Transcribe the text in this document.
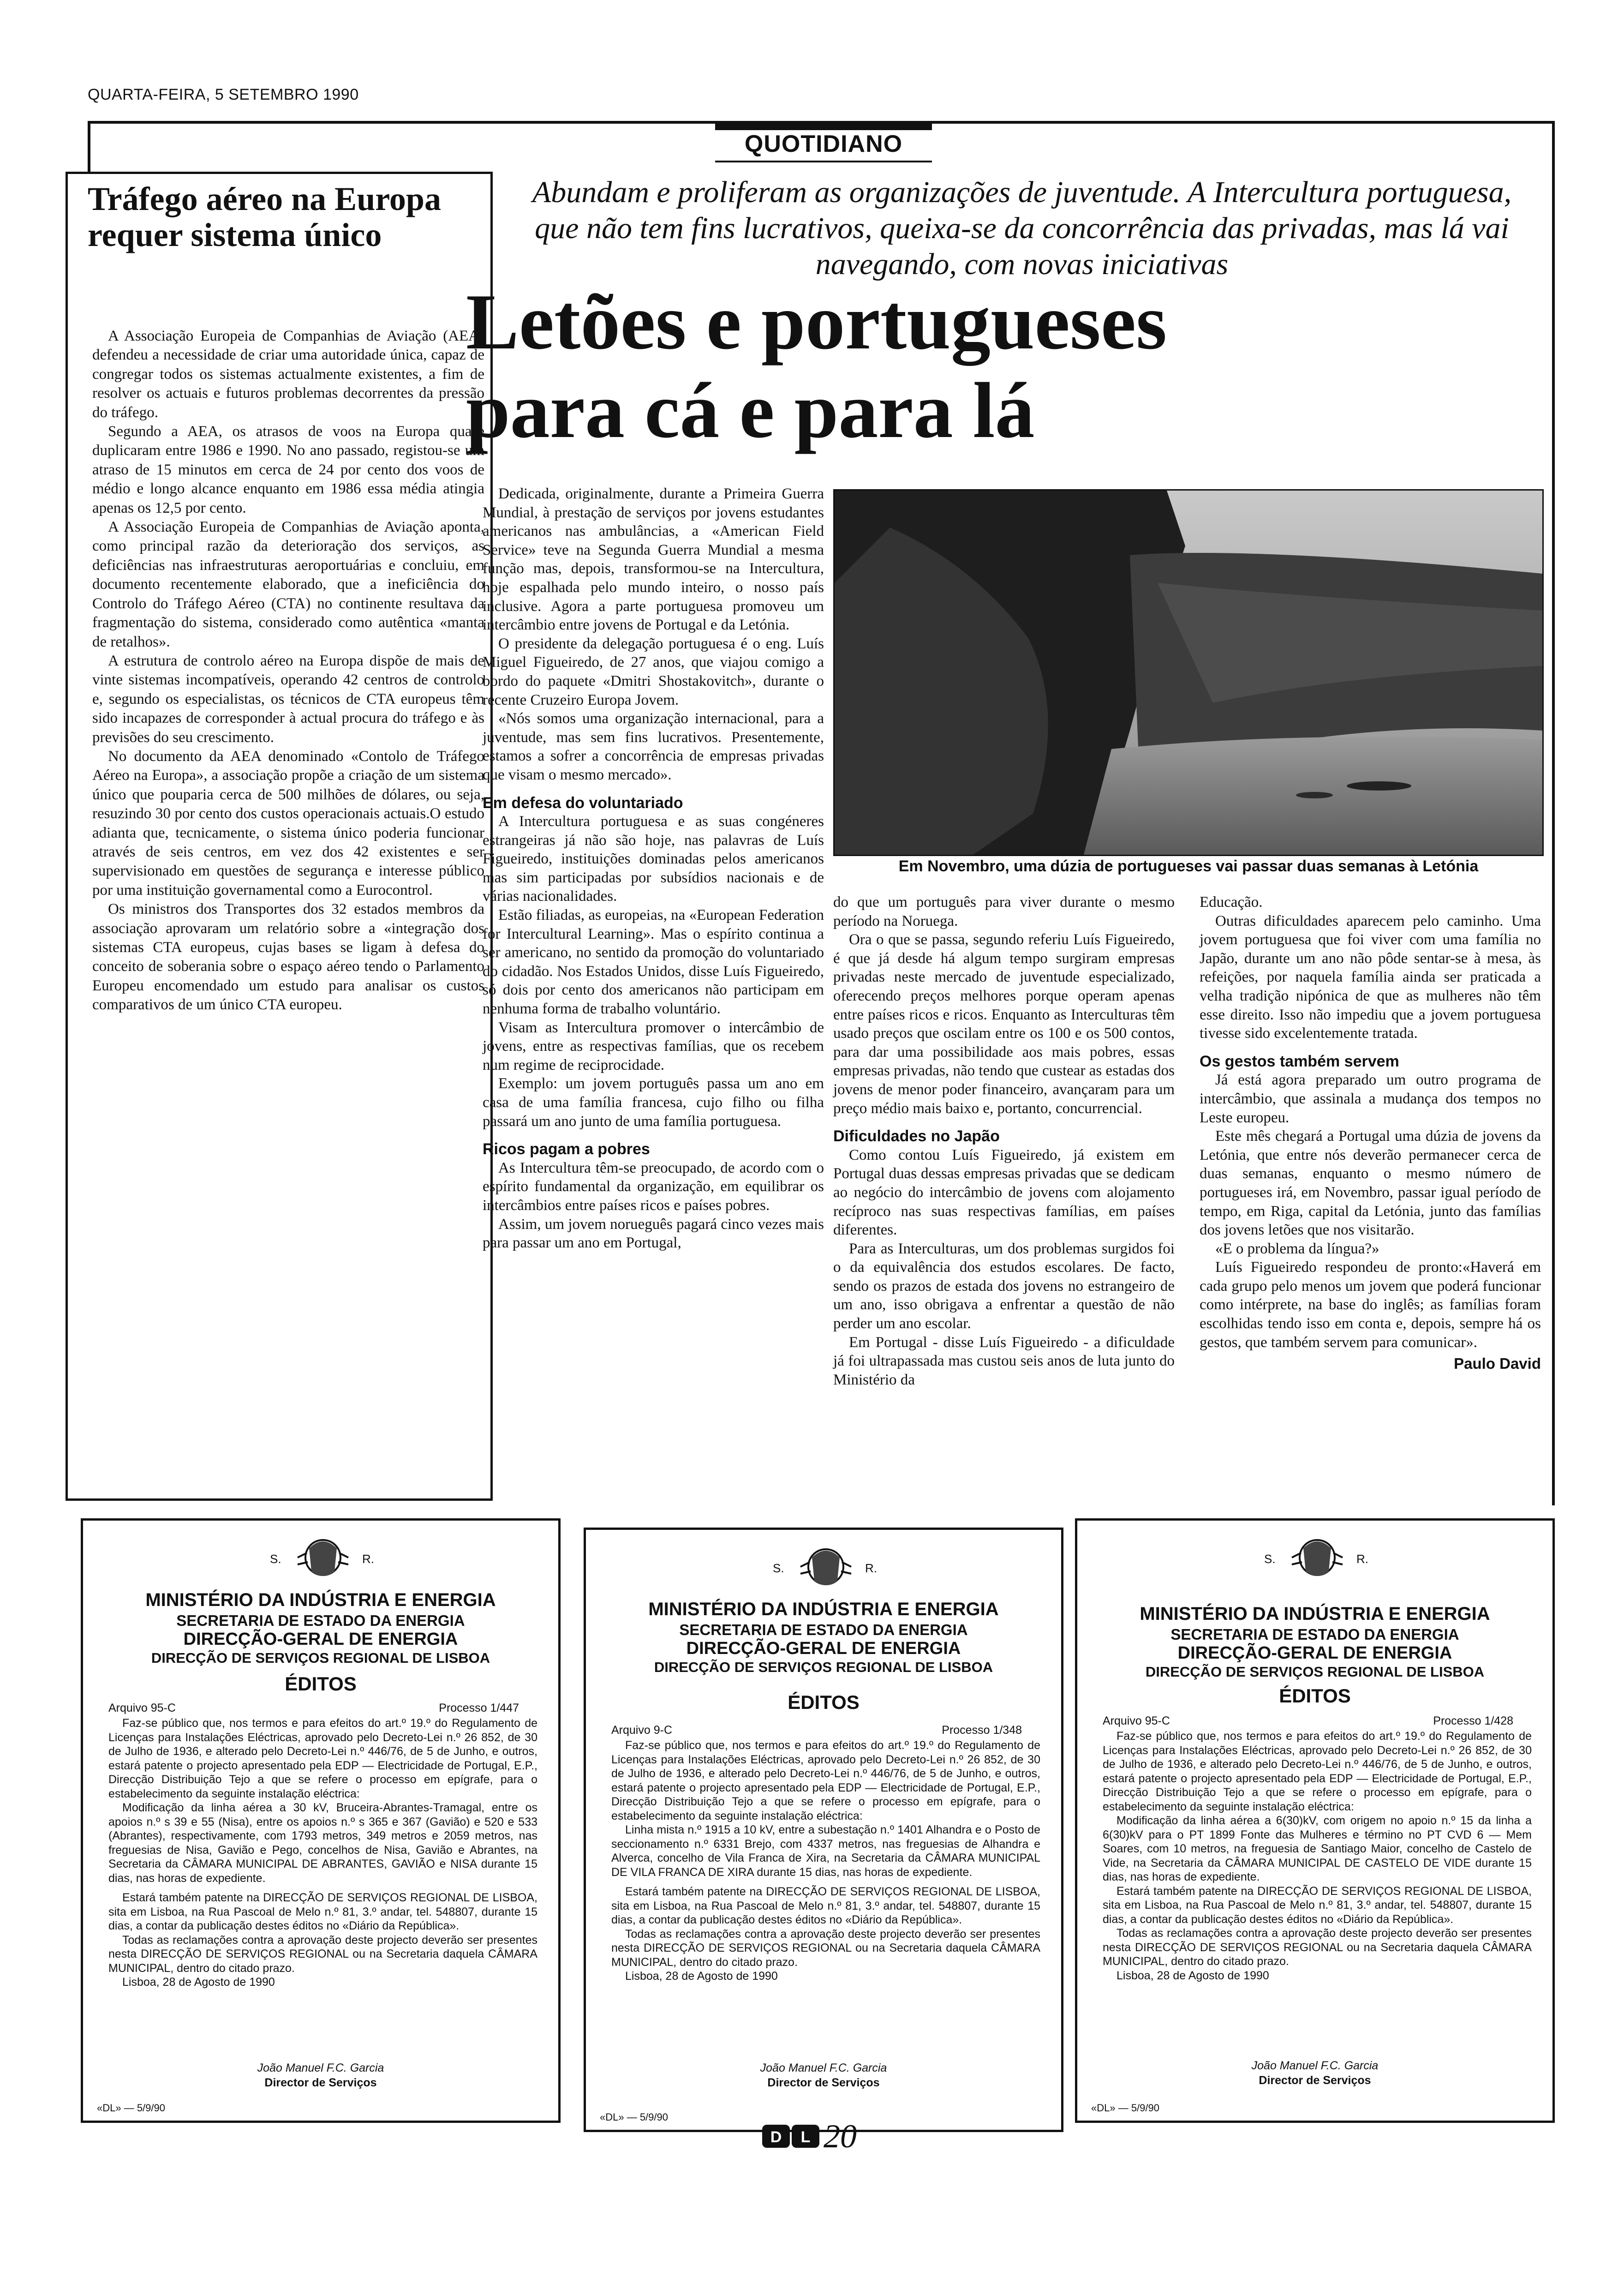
QUARTA-FEIRA, 5 SETEMBRO 1990
QUOTIDIANO
Tráfego aéreo na Europa requer sistema único

A Associação Europeia de Companhias de Aviação (AEA) defendeu a necessidade de criar uma autoridade única, capaz de congregar todos os sistemas actualmente existentes, a fim de resolver os actuais e futuros problemas decorrentes da pressão do tráfego.

Segundo a AEA, os atrasos de voos na Europa quase duplicaram entre 1986 e 1990. No ano passado, registou-se um atraso de 15 minutos em cerca de 24 por cento dos voos de médio e longo alcance enquanto em 1986 essa média atingia apenas os 12,5 por cento.

A Associação Europeia de Companhias de Aviação aponta, como principal razão da deterioração dos serviços, as deficiências nas infraestruturas aeroportuárias e concluiu, em documento recentemente elaborado, que a ineficiência do Controlo do Tráfego Aéreo (CTA) no continente resultava da fragmentação do sistema, considerado como autêntica «manta de retalhos».

A estrutura de controlo aéreo na Europa dispõe de mais de vinte sistemas incompatíveis, operando 42 centros de controlo e, segundo os especialistas, os técnicos de CTA europeus têm sido incapazes de corresponder à actual procura do tráfego e às previsões do seu crescimento.

No documento da AEA denominado «Contolo de Tráfego Aéreo na Europa», a associação propõe a criação de um sistema único que pouparia cerca de 500 milhões de dólares, ou seja, resuzindo 30 por cento dos custos operacionais actuais.O estudo adianta que, tecnicamente, o sistema único poderia funcionar através de seis centros, em vez dos 42 existentes e ser supervisionado em questões de segurança e interesse público por uma instituição governamental como a Eurocontrol.

Os ministros dos Transportes dos 32 estados membros da associação aprovaram um relatório sobre a «integração dos sistemas CTA europeus, cujas bases se ligam à defesa do conceito de soberania sobre o espaço aéreo tendo o Parlamento Europeu encomendado um estudo para analisar os custos comparativos de um único CTA europeu.

Abundam e proliferam as organizações de juventude. A Intercultura portuguesa, que não tem fins lucrativos, queixa-se da concorrência das privadas, mas lá vai navegando, com novas iniciativas
Letões e portugueses
para cá e para lá
Em Novembro, uma dúzia de portugueses vai passar duas semanas à Letónia

Dedicada, originalmente, durante a Primeira Guerra Mundial, à prestação de serviços por jovens estudantes americanos nas ambulâncias, a «American Field Service» teve na Segunda Guerra Mundial a mesma função mas, depois, transformou-se na Intercultura, hoje espalhada pelo mundo inteiro, o nosso país inclusive. Agora a parte portuguesa promoveu um intercâmbio entre jovens de Portugal e da Letónia.

O presidente da delegação portuguesa é o eng. Luís Miguel Figueiredo, de 27 anos, que viajou comigo a bordo do paquete «Dmitri Shostakovitch», durante o recente Cruzeiro Europa Jovem.

«Nós somos uma organização internacional, para a juventude, mas sem fins lucrativos. Presentemente, estamos a sofrer a concorrência de empresas privadas que visam o mesmo mercado».

Em defesa do voluntariado

A Intercultura portuguesa e as suas congéneres estrangeiras já não são hoje, nas palavras de Luís Figueiredo, instituições dominadas pelos americanos mas sim participadas por subsídios nacionais e de várias nacionalidades.

Estão filiadas, as europeias, na «European Federation for Intercultural Learning». Mas o espírito continua a ser americano, no sentido da promoção do voluntariado do cidadão. Nos Estados Unidos, disse Luís Figueiredo, só dois por cento dos americanos não participam em nenhuma forma de trabalho voluntário.

Visam as Intercultura promover o intercâmbio de jovens, entre as respectivas famílias, que os recebem num regime de reciprocidade.

Exemplo: um jovem português passa um ano em casa de uma família francesa, cujo filho ou filha passará um ano junto de uma família portuguesa.

Ricos pagam a pobres

As Intercultura têm-se preocupado, de acordo com o espírito fundamental da organização, em equilibrar os intercâmbios entre países ricos e países pobres.

Assim, um jovem norueguês pagará cinco vezes mais para passar um ano em Portugal,

do que um português para viver durante o mesmo período na Noruega.

Ora o que se passa, segundo referiu Luís Figueiredo, é que já desde há algum tempo surgiram empresas privadas neste mercado de juventude especializado, oferecendo preços melhores porque operam apenas entre países ricos e ricos. Enquanto as Interculturas têm usado preços que oscilam entre os 100 e os 500 contos, para dar uma possibilidade aos mais pobres, essas empresas privadas, não tendo que custear as estadas dos jovens de menor poder financeiro, avançaram para um preço médio mais baixo e, portanto, concurrencial.

Dificuldades no Japão

Como contou Luís Figueiredo, já existem em Portugal duas dessas empresas privadas que se dedicam ao negócio do intercâmbio de jovens com alojamento recíproco nas suas respectivas famílias, em países diferentes.

Para as Interculturas, um dos problemas surgidos foi o da equivalência dos estudos escolares. De facto, sendo os prazos de estada dos jovens no estrangeiro de um ano, isso obrigava a enfrentar a questão de não perder um ano escolar.

Em Portugal - disse Luís Figueiredo - a dificuldade já foi ultrapassada mas custou seis anos de luta junto do Ministério da

Educação.

Outras dificuldades aparecem pelo caminho. Uma jovem portuguesa que foi viver com uma família no Japão, durante um ano não pôde sentar-se à mesa, às refeições, por naquela família ainda ser praticada a velha tradição nipónica de que as mulheres não têm esse direito. Isso não impediu que a jovem portuguesa tivesse sido excelentemente tratada.

Os gestos também servem

Já está agora preparado um outro programa de intercâmbio, que assinala a mudança dos tempos no Leste europeu.

Este mês chegará a Portugal uma dúzia de jovens da Letónia, que entre nós deverão permanecer cerca de duas semanas, enquanto o mesmo número de portugueses irá, em Novembro, passar igual período de tempo, em Riga, capital da Letónia, junto das famílias dos jovens letões que nos visitarão.

«E o problema da língua?»

Luís Figueiredo respondeu de pronto:«Haverá em cada grupo pelo menos um jovem que poderá funcionar como intérprete, na base do inglês; as famílias foram escolhidas tendo isso em conta e, depois, sempre há os gestos, que também servem para comunicar».

Paulo David

S.	R.
MINISTÉRIO DA INDÚSTRIA E ENERGIA
SECRETARIA DE ESTADO DA ENERGIA
DIRECÇÃO-GERAL DE ENERGIA
DIRECÇÃO DE SERVIÇOS REGIONAL DE LISBOA
ÉDITOS
Arquivo 95-C	Processo 1/447

Faz-se público que, nos termos e para efeitos do art.º 19.º do Regulamento de Licenças para Instalações Eléctricas, aprovado pelo Decreto-Lei n.º 26 852, de 30 de Julho de 1936, e alterado pelo Decreto-Lei n.º 446/76, de 5 de Junho, e outros, estará patente o projecto apresentado pela EDP — Electricidade de Portugal, E.P., Direcção Distribuição Tejo a que se refere o processo em epígrafe, para o estabelecimento da seguinte instalação eléctrica:

Modificação da linha aérea a 30 kV, Bruceira-Abrantes-Tramagal, entre os apoios n.º s 39 e 55 (Nisa), entre os apoios n.º s 365 e 367 (Gavião) e 520 e 533 (Abrantes), respectivamente, com 1793 metros, 349 metros e 2059 metros, nas freguesias de Nisa, Gavião e Pego, concelhos de Nisa, Gavião e Abrantes, na Secretaria da CÂMARA MUNICIPAL DE ABRANTES, GAVIÃO e NISA durante 15 dias, nas horas de expediente.

Estará também patente na DIRECÇÃO DE SERVIÇOS REGIONAL DE LISBOA, sita em Lisboa, na Rua Pascoal de Melo n.º 81, 3.º andar, tel. 548807, durante 15 dias, a contar da publicação destes éditos no «Diário da República».

Todas as reclamações contra a aprovação deste projecto deverão ser presentes nesta DIRECÇÃO DE SERVIÇOS REGIONAL ou na Secretaria daquela CÂMARA MUNICIPAL, dentro do citado prazo.

Lisboa, 28 de Agosto de 1990

João Manuel F.C. Garcia
Director de Serviços
«DL» — 5/9/90
S.	R.
MINISTÉRIO DA INDÚSTRIA E ENERGIA
SECRETARIA DE ESTADO DA ENERGIA
DIRECÇÃO-GERAL DE ENERGIA
DIRECÇÃO DE SERVIÇOS REGIONAL DE LISBOA
ÉDITOS
Arquivo 9-C	Processo 1/348

Faz-se público que, nos termos e para efeitos do art.º 19.º do Regulamento de Licenças para Instalações Eléctricas, aprovado pelo Decreto-Lei n.º 26 852, de 30 de Julho de 1936, e alterado pelo Decreto-Lei n.º 446/76, de 5 de Junho, e outros, estará patente o projecto apresentado pela EDP — Electricidade de Portugal, E.P., Direcção Distribuição Tejo a que se refere o processo em epígrafe, para o estabelecimento da seguinte instalação eléctrica:

Linha mista n.º 1915 a 10 kV, entre a subestação n.º 1401 Alhandra e o Posto de seccionamento n.º 6331 Brejo, com 4337 metros, nas freguesias de Alhandra e Alverca, concelho de Vila Franca de Xira, na Secretaria da CÂMARA MUNICIPAL DE VILA FRANCA DE XIRA durante 15 dias, nas horas de expediente.

Estará também patente na DIRECÇÃO DE SERVIÇOS REGIONAL DE LISBOA, sita em Lisboa, na Rua Pascoal de Melo n.º 81, 3.º andar, tel. 548807, durante 15 dias, a contar da publicação destes éditos no «Diário da República».

Todas as reclamações contra a aprovação deste projecto deverão ser presentes nesta DIRECÇÃO DE SERVIÇOS REGIONAL ou na Secretaria daquela CÂMARA MUNICIPAL, dentro do citado prazo.

Lisboa, 28 de Agosto de 1990

João Manuel F.C. Garcia
Director de Serviços
«DL» — 5/9/90
S.	R.
MINISTÉRIO DA INDÚSTRIA E ENERGIA
SECRETARIA DE ESTADO DA ENERGIA
DIRECÇÃO-GERAL DE ENERGIA
DIRECÇÃO DE SERVIÇOS REGIONAL DE LISBOA
ÉDITOS
Arquivo 95-C	Processo 1/428

Faz-se público que, nos termos e para efeitos do art.º 19.º do Regulamento de Licenças para Instalações Eléctricas, aprovado pelo Decreto-Lei n.º 26 852, de 30 de Julho de 1936, e alterado pelo Decreto-Lei n.º 446/76, de 5 de Junho, e outros, estará patente o projecto apresentado pela EDP — Electricidade de Portugal, E.P., Direcção Distribuição Tejo a que se refere o processo em epígrafe, para o estabelecimento da seguinte instalação eléctrica:

Modificação da linha aérea a 6(30)kV, com origem no apoio n.º 15 da linha a 6(30)kV para o PT 1899 Fonte das Mulheres e término no PT CVD 6 — Mem Soares, com 10 metros, na freguesia de Santiago Maior, concelho de Castelo de Vide, na Secretaria da CÂMARA MUNICIPAL DE CASTELO DE VIDE durante 15 dias, nas horas de expediente.

Estará também patente na DIRECÇÃO DE SERVIÇOS REGIONAL DE LISBOA, sita em Lisboa, na Rua Pascoal de Melo n.º 81, 3.º andar, tel. 548807, durante 15 dias, a contar da publicação destes éditos no «Diário da República».

Todas as reclamações contra a aprovação deste projecto deverão ser presentes nesta DIRECÇÃO DE SERVIÇOS REGIONAL ou na Secretaria daquela CÂMARA MUNICIPAL, dentro do citado prazo.

Lisboa, 28 de Agosto de 1990

João Manuel F.C. Garcia
Director de Serviços
«DL» — 5/9/90
D L 20
